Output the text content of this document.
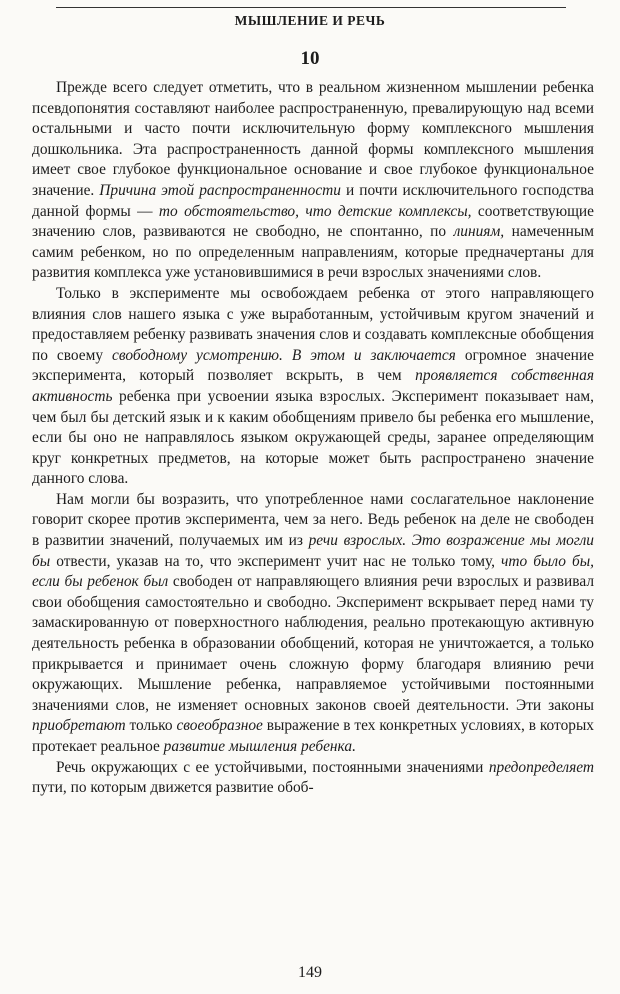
МЫШЛЕНИЕ И РЕЧЬ
10

Прежде всего следует отметить, что в реальном жизненном мышлении ребенка псевдопонятия составляют наиболее распространенную, превалирующую над всеми остальными и часто почти исключительную форму комплексного мышления дошкольника. Эта распространенность данной формы комплексного мышления имеет свое глубокое функциональное основание и свое глубокое функциональное значение. Причина этой распространенности и почти исключительного господства данной формы — то обстоятельство, что детские комплексы, соответствующие значению слов, развиваются не свободно, не спонтанно, по линиям, намеченным самим ребенком, но по определенным направлениям, которые предначертаны для развития комплекса уже установившимися в речи взрослых значениями слов.

Только в эксперименте мы освобождаем ребенка от этого направляющего влияния слов нашего языка с уже выработанным, устойчивым кругом значений и предоставляем ребенку развивать значения слов и создавать комплексные обобщения по своему свободному усмотрению. В этом и заключается огромное значение эксперимента, который позволяет вскрыть, в чем проявляется собственная активность ребенка при усвоении языка взрослых. Эксперимент показывает нам, чем был бы детский язык и к каким обобщениям привело бы ребенка его мышление, если бы оно не направлялось языком окружающей среды, заранее определяющим круг конкретных предметов, на которые может быть распространено значение данного слова.

Нам могли бы возразить, что употребленное нами сослагательное наклонение говорит скорее против эксперимента, чем за него. Ведь ребенок на деле не свободен в развитии значений, получаемых им из речи взрослых. Это возражение мы могли бы отвести, указав на то, что эксперимент учит нас не только тому, что было бы, если бы ребенок был свободен от направляющего влияния речи взрослых и развивал свои обобщения самостоятельно и свободно. Эксперимент вскрывает перед нами ту замаскированную от поверхностного наблюдения, реально протекающую активную деятельность ребенка в образовании обобщений, которая не уничтожается, а только прикрывается и принимает очень сложную форму благодаря влиянию речи окружающих. Мышление ребенка, направляемое устойчивыми постоянными значениями слов, не изменяет основных законов своей деятельности. Эти законы приобретают только своеобразное выражение в тех конкретных условиях, в которых протекает реальное развитие мышления ребенка.

Речь окружающих с ее устойчивыми, постоянными значениями предопределяет пути, по которым движется развитие обоб-

149
